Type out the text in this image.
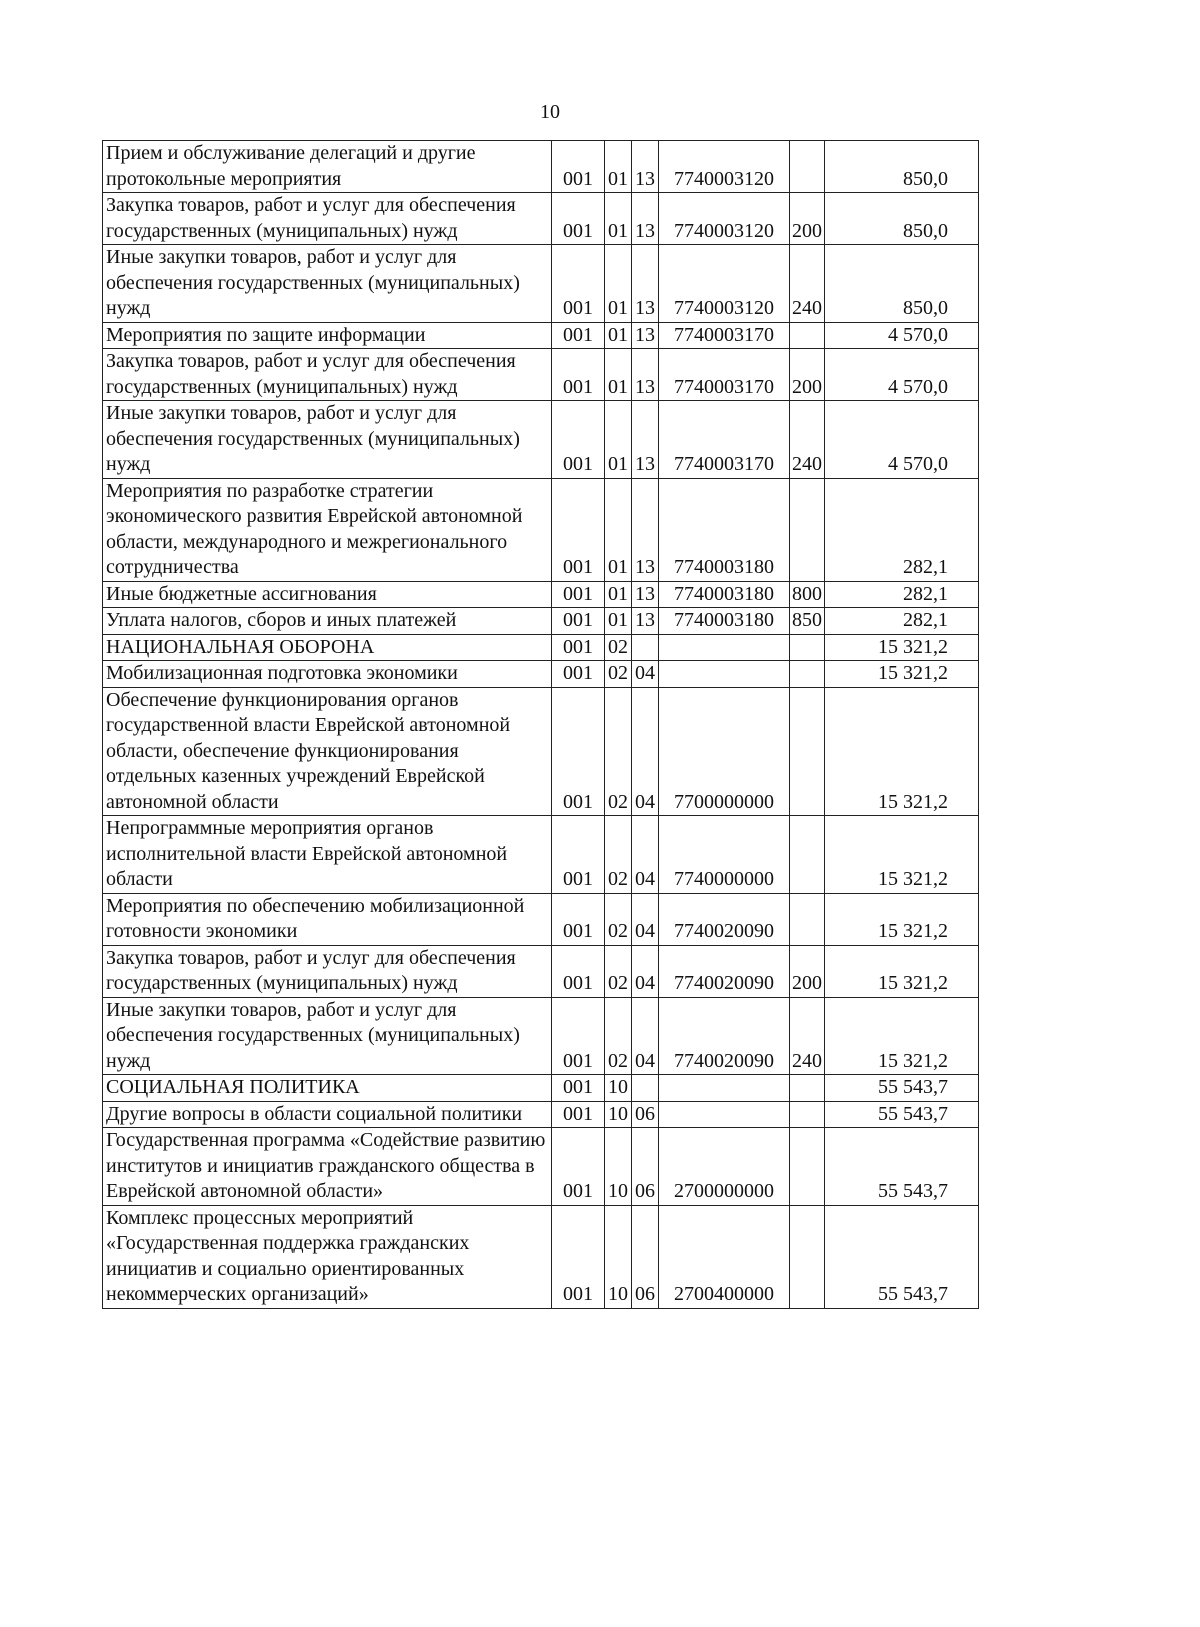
10
Прием и обслуживание делегаций и другие протокольные мероприятия	001	01	13	7740003120		850,0
Закупка товаров, работ и услуг для обеспечения государственных (муниципальных) нужд	001	01	13	7740003120	200	850,0
Иные закупки товаров, работ и услуг для обеспечения государственных (муниципальных) нужд	001	01	13	7740003120	240	850,0
Мероприятия по защите информации	001	01	13	7740003170		4 570,0
Закупка товаров, работ и услуг для обеспечения государственных (муниципальных) нужд	001	01	13	7740003170	200	4 570,0
Иные закупки товаров, работ и услуг для обеспечения государственных (муниципальных) нужд	001	01	13	7740003170	240	4 570,0
Мероприятия по разработке стратегии экономического развития Еврейской автономной области, международного и межрегионального сотрудничества	001	01	13	7740003180		282,1
Иные бюджетные ассигнования	001	01	13	7740003180	800	282,1
Уплата налогов, сборов и иных платежей	001	01	13	7740003180	850	282,1
НАЦИОНАЛЬНАЯ ОБОРОНА	001	02				15 321,2
Мобилизационная подготовка экономики	001	02	04			15 321,2
Обеспечение функционирования органов государственной власти Еврейской автономной области, обеспечение функционирования отдельных казенных учреждений Еврейской автономной области	001	02	04	7700000000		15 321,2
Непрограммные мероприятия органов исполнительной власти Еврейской автономной области	001	02	04	7740000000		15 321,2
Мероприятия по обеспечению мобилизационной готовности экономики	001	02	04	7740020090		15 321,2
Закупка товаров, работ и услуг для обеспечения государственных (муниципальных) нужд	001	02	04	7740020090	200	15 321,2
Иные закупки товаров, работ и услуг для обеспечения государственных (муниципальных) нужд	001	02	04	7740020090	240	15 321,2
СОЦИАЛЬНАЯ ПОЛИТИКА	001	10				55 543,7
Другие вопросы в области социальной политики	001	10	06			55 543,7
Государственная программа «Содействие развитию институтов и инициатив гражданского общества в Еврейской автономной области»	001	10	06	2700000000		55 543,7
Комплекс процессных мероприятий «Государственная поддержка гражданских инициатив и социально ориентированных некоммерческих организаций»	001	10	06	2700400000		55 543,7
